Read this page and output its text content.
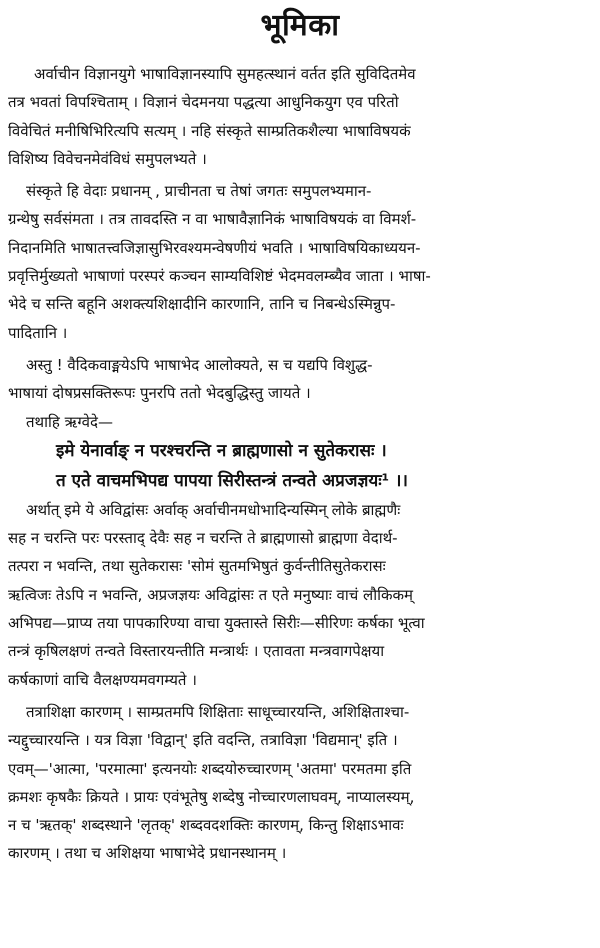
भूमिका

अर्वाचीन विज्ञानयुगे भाषाविज्ञानस्यापि सुमहत्स्थानं वर्तत इति सुविदितमेव
तत्र भवतां विपश्चिताम् । विज्ञानं चेदमनया पद्धत्या आधुनिकयुग एव परितो
विवेचितं मनीषिभिरित्यपि सत्यम् । नहि संस्कृते साम्प्रतिकशैल्या भाषाविषयकं
विशिष्य विवेचनमेवंविधं समुपलभ्यते ।

संस्कृते हि वेदाः प्रधानम् , प्राचीनता च तेषां जगतः समुपलभ्यमान-
ग्रन्थेषु सर्वसंमता । तत्र तावदस्ति न वा भाषावैज्ञानिकं भाषाविषयकं वा विमर्श-
निदानमिति भाषातत्त्वजिज्ञासुभिरवश्यमन्वेषणीयं भवति । भाषाविषयिकाध्ययन-
प्रवृत्तिर्मुख्यतो भाषाणां परस्परं कञ्चन साम्यविशिष्टं भेदमवलम्ब्यैव जाता । भाषा-
भेदे च सन्ति बहूनि अशक्त्यशिक्षादीनि कारणानि, तानि च निबन्धेऽस्मिन्नुप-
पादितानि ।

अस्तु ! वैदिकवाङ्मयेऽपि भाषाभेद आलोक्यते, स च यद्यपि विशुद्ध-
भाषायां दोषप्रसक्तिरूपः पुनरपि ततो भेदबुद्धिस्तु जायते ।
तथाहि ऋग्वेदे—

इमे येनार्वाङ् न परश्चरन्ति न ब्राह्मणासो न सुतेकरासः ।
त एते वाचमभिपद्य पापया सिरीस्तन्त्रं तन्वते अप्रजज्ञयः¹ ।।

अर्थात् इमे ये अविद्वांसः अर्वाक् अर्वाचीनमधोभादिन्यस्मिन् लोके ब्राह्मणैः
सह न चरन्ति परः परस्ताद् देवैः सह न चरन्ति ते ब्राह्मणासो ब्राह्मणा वेदार्थ-
तत्परा न भवन्ति, तथा सुतेकरासः 'सोमं सुतमभिषुतं कुर्वन्तीतिसुतेकरासः
ऋत्विजः तेऽपि न भवन्ति, अप्रजज्ञयः अविद्वांसः त एते मनुष्याः वाचं लौकिकम्
अभिपद्य—प्राप्य तया पापकारिण्या वाचा युक्तास्ते सिरीः—सीरिणः कर्षका भूत्वा
तन्त्रं कृषिलक्षणं तन्वते विस्तारयन्तीति मन्त्रार्थः । एतावता मन्त्रवागपेक्षया
कर्षकाणां वाचि वैलक्षण्यमवगम्यते ।

तत्राशिक्षा कारणम् । साम्प्रतमपि शिक्षिताः साधूच्चारयन्ति, अशिक्षिताश्चा-
न्यद्दुच्चारयन्ति । यत्र विज्ञा 'विद्वान्' इति वदन्ति, तत्राविज्ञा 'विद्यमान्' इति ।
एवम्—'आत्मा, 'परमात्मा' इत्यनयोः शब्दयोरुच्चारणम् 'अतमा' परमतमा इति
क्रमशः कृषकैः क्रियते । प्रायः एवंभूतेषु शब्देषु नोच्चारणलाघवम्, नाप्यालस्यम्,
न च 'ऋतक्' शब्दस्थाने 'लृतक्' शब्दवदशक्तिः कारणम्, किन्तु शिक्षाऽभावः
कारणम् । तथा च अशिक्षया भाषाभेदे प्रधानस्थानम् ।
